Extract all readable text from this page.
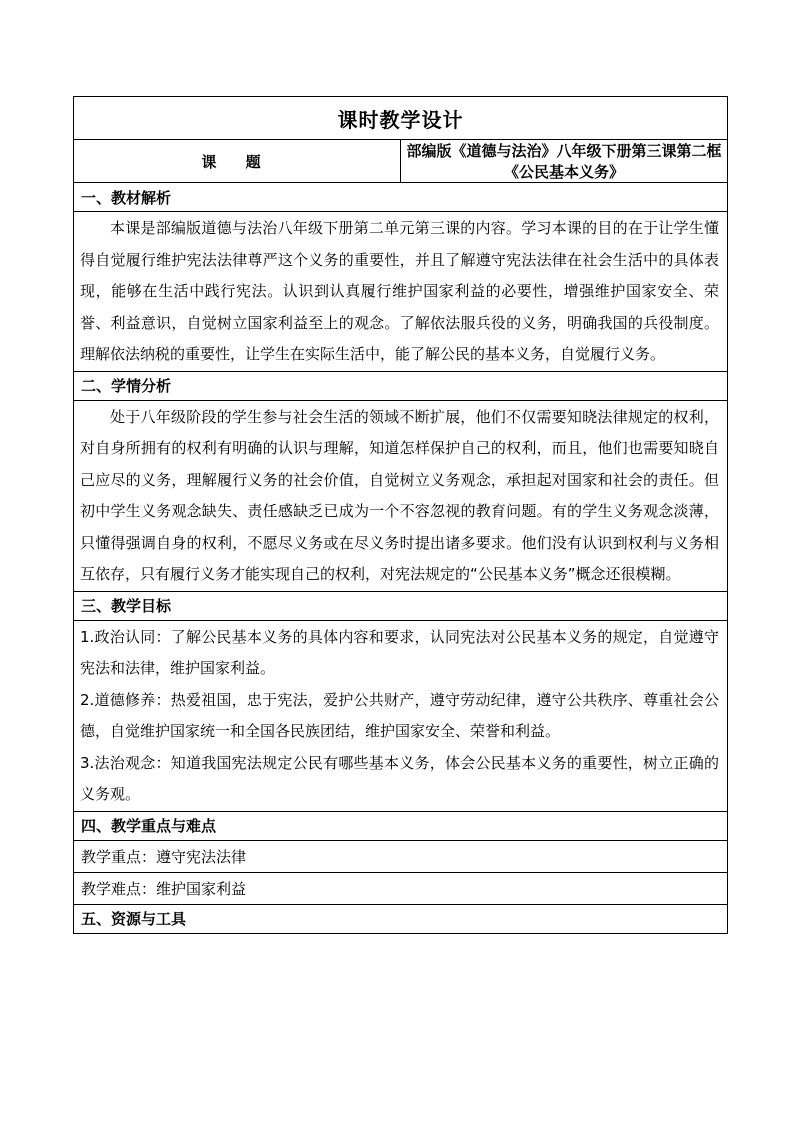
课时教学设计
课 题	部编版《道德与法治》八年级下册第三课第二框《公民基本义务》
一、教材解析

本课是部编版道德与法治八年级下册第二单元第三课的内容。学习本课的目的在于让学生懂得自觉履行维护宪法法律尊严这个义务的重要性，并且了解遵守宪法法律在社会生活中的具体表现，能够在生活中践行宪法。认识到认真履行维护国家利益的必要性，增强维护国家安全、荣誉、利益意识，自觉树立国家利益至上的观念。了解依法服兵役的义务，明确我国的兵役制度。理解依法纳税的重要性，让学生在实际生活中，能了解公民的基本义务，自觉履行义务。

二、学情分析

处于八年级阶段的学生参与社会生活的领域不断扩展，他们不仅需要知晓法律规定的权利，对自身所拥有的权利有明确的认识与理解，知道怎样保护自己的权利，而且，他们也需要知晓自己应尽的义务，理解履行义务的社会价值，自觉树立义务观念，承担起对国家和社会的责任。但初中学生义务观念缺失、责任感缺乏已成为一个不容忽视的教育问题。有的学生义务观念淡薄，只懂得强调自身的权利，不愿尽义务或在尽义务时提出诸多要求。他们没有认识到权利与义务相互依存，只有履行义务才能实现自己的权利，对宪法规定的“公民基本义务”概念还很模糊。

三、教学目标

1.政治认同：了解公民基本义务的具体内容和要求，认同宪法对公民基本义务的规定，自觉遵守宪法和法律，维护国家利益。

2.道德修养：热爱祖国，忠于宪法，爱护公共财产，遵守劳动纪律，遵守公共秩序、尊重社会公德，自觉维护国家统一和全国各民族团结，维护国家安全、荣誉和利益。

3.法治观念：知道我国宪法规定公民有哪些基本义务，体会公民基本义务的重要性，树立正确的义务观。

四、教学重点与难点
教学重点：遵守宪法法律
教学难点：维护国家利益
五、资源与工具
